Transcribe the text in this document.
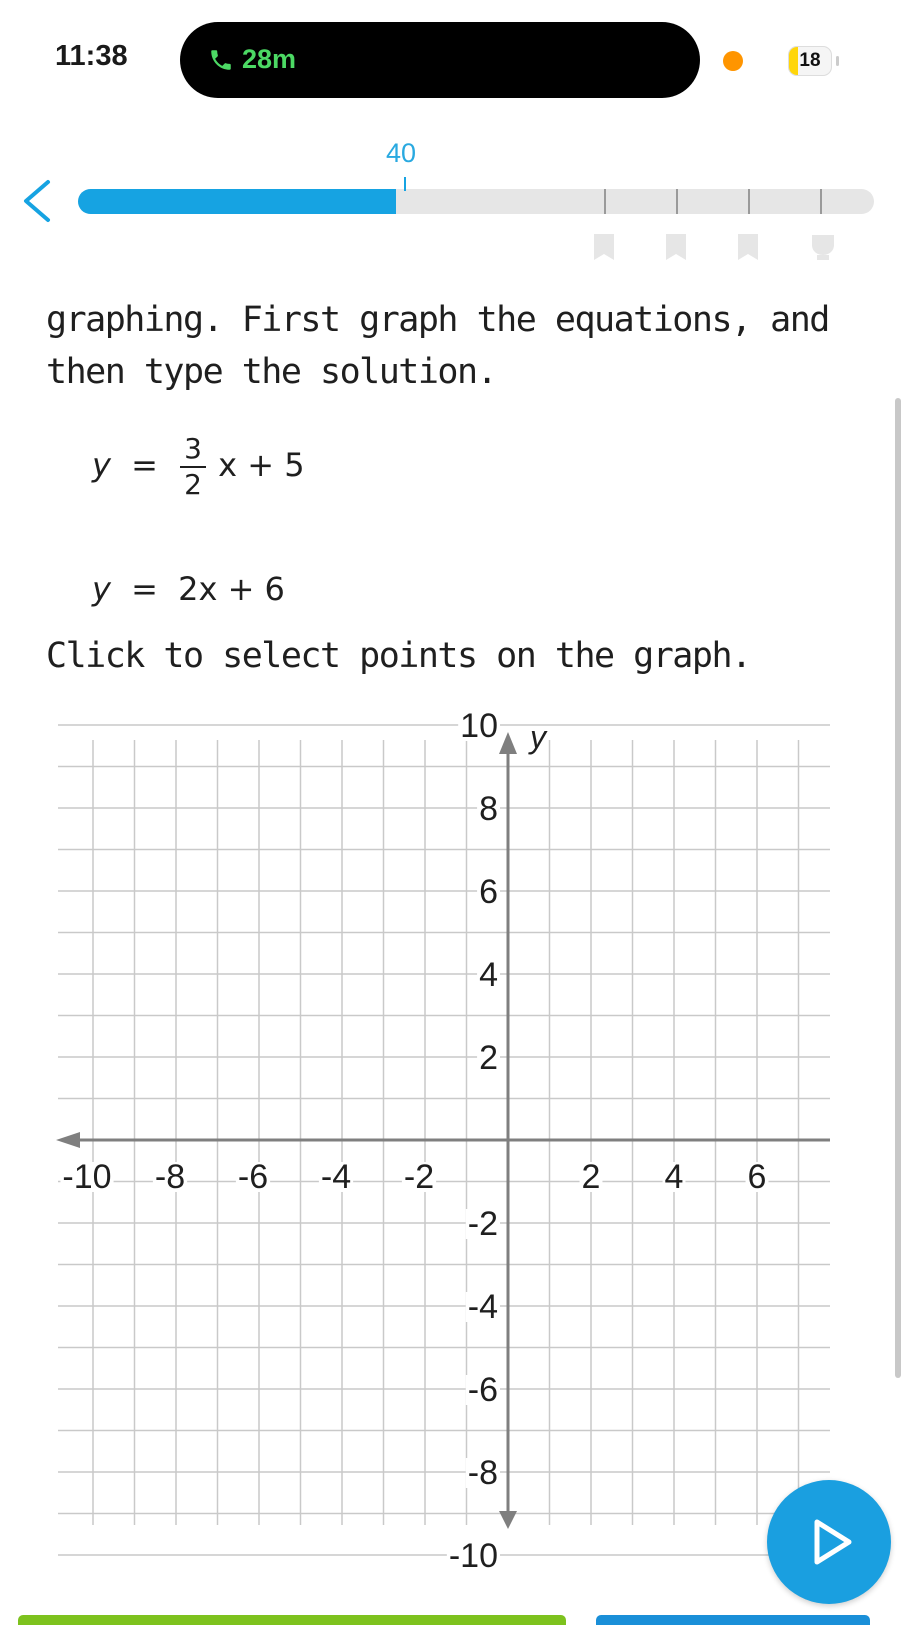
11:38	28m	18
40
graphing. First graph the equations, and then type the solution.
$y = \frac{3}{2}$ x + 5
y = 2x + 6
Click to select points on the graph.
-10 -8 -6 -4 -2	2 4 6
10
8
6
4
2
-2
-4
-6
-8
-10
y
